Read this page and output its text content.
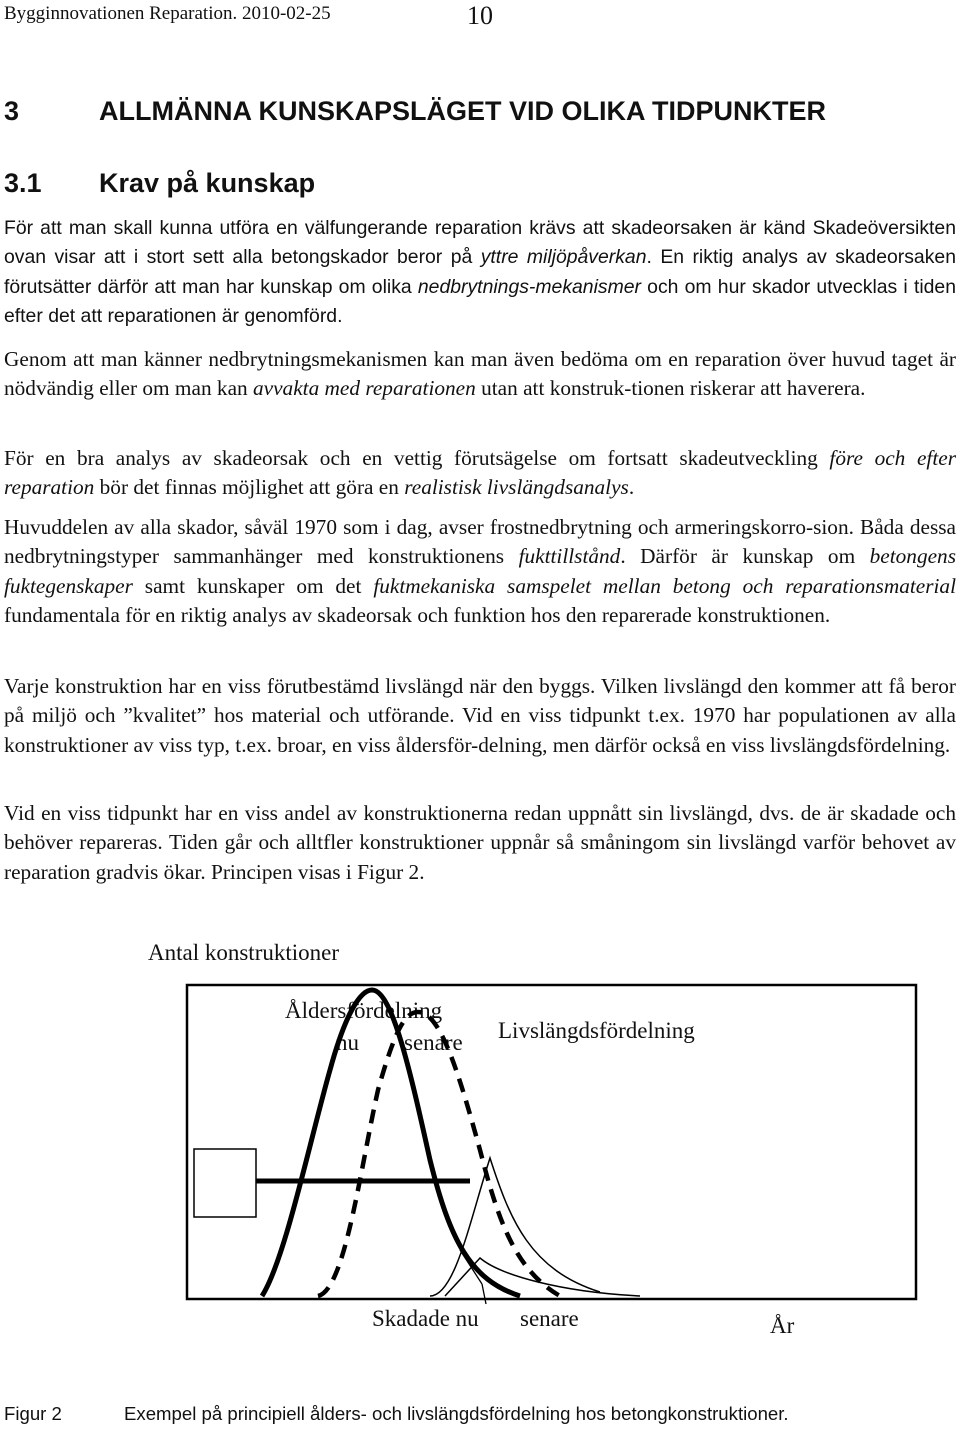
Bygginnovationen Reparation. 2010-02-25	10
3	ALLMÄNNA KUNSKAPSLÄGET VID OLIKA TIDPUNKTER
3.1 Krav på kunskap

För att man skall kunna utföra en välfungerande reparation krävs att skadeorsaken är känd Skadeöversikten ovan visar att i stort sett alla betongskador beror på yttre miljöpåverkan. En riktig analys av skadeorsaken förutsätter därför att man har kunskap om olika nedbrytnings-mekanismer och om hur skador utvecklas i tiden efter det att reparationen är genomförd.

Genom att man känner nedbrytningsmekanismen kan man även bedöma om en reparation över huvud taget är nödvändig eller om man kan avvakta med reparationen utan att konstruk-tionen riskerar att haverera.

För en bra analys av skadeorsak och en vettig förutsägelse om fortsatt skadeutveckling före och efter reparation bör det finnas möjlighet att göra en realistisk livslängdsanalys.

Huvuddelen av alla skador, såväl 1970 som i dag, avser frostnedbrytning och armeringskorro-sion. Båda dessa nedbrytningstyper sammanhänger med konstruktionens fukttillstånd. Därför är kunskap om betongens fuktegenskaper samt kunskaper om det fuktmekaniska samspelet mellan betong och reparationsmaterial fundamentala för en riktig analys av skadeorsak och funktion hos den reparerade konstruktionen.

Varje konstruktion har en viss förutbestämd livslängd när den byggs. Vilken livslängd den kommer att få beror på miljö och ”kvalitet” hos material och utförande. Vid en viss tidpunkt t.ex. 1970 har populationen av alla konstruktioner av viss typ, t.ex. broar, en viss åldersför-delning, men därför också en viss livslängdsfördelning.

Vid en viss tidpunkt har en viss andel av konstruktionerna redan uppnått sin livslängd, dvs. de är skadade och behöver repareras. Tiden går och alltfler konstruktioner uppnår så småningom sin livslängd varför behovet av reparation gradvis ökar. Principen visas i Figur 2.

Antal konstruktioner
Åldersfördelning
nu senare Livslängdsfördelning
Skadade nu senare	År
Figur 2	Exempel på principiell ålders- och livslängdsfördelning hos betongkonstruktioner.
